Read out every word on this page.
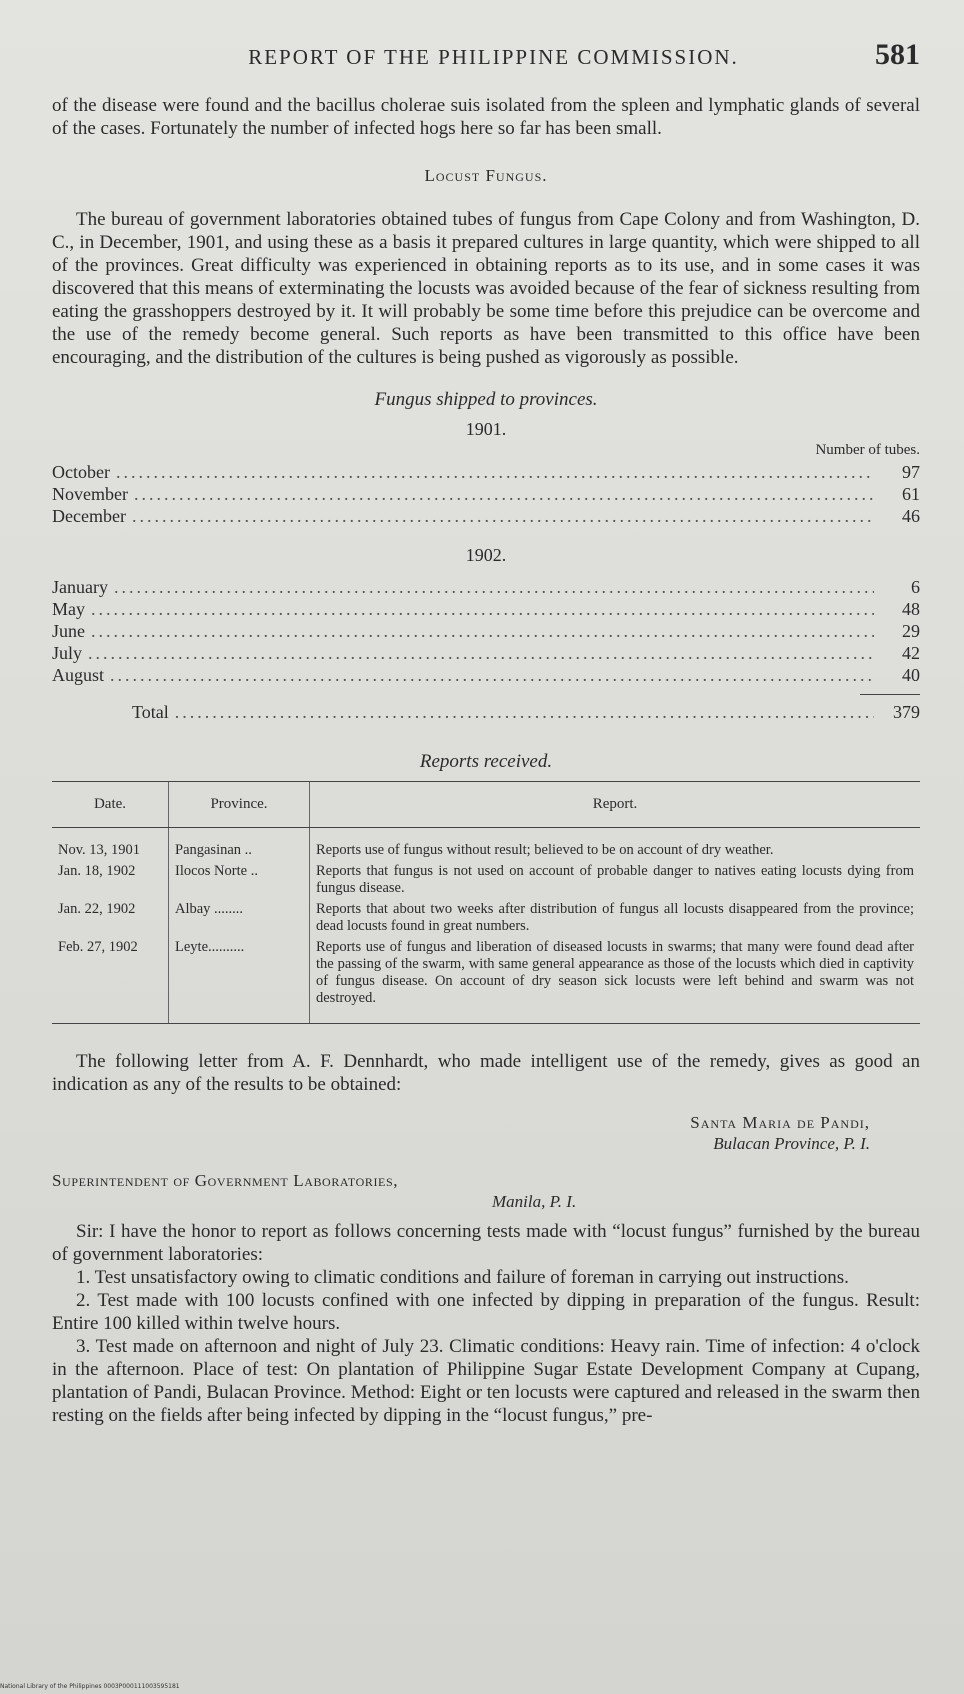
REPORT OF THE PHILIPPINE COMMISSION.	581

of the disease were found and the bacillus cholerae suis isolated from the spleen and lymphatic glands of several of the cases. Fortunately the number of infected hogs here so far has been small.

Locust Fungus.

The bureau of government laboratories obtained tubes of fungus from Cape Colony and from Washington, D. C., in December, 1901, and using these as a basis it prepared cultures in large quantity, which were shipped to all of the provinces. Great difficulty was experienced in obtaining reports as to its use, and in some cases it was discovered that this means of exterminating the locusts was avoided because of the fear of sickness resulting from eating the grasshoppers destroyed by it. It will probably be some time before this prejudice can be overcome and the use of the remedy become general. Such reports as have been transmitted to this office have been encouraging, and the distribution of the cultures is being pushed as vigorously as possible.

Fungus shipped to provinces.
1901.
Number of tubes.
October .....	97
November .....	61
December .....	46
1902.
January .....	6
May .....	48
June .....	29
July .....	42
August .....	40
Total .....	379
Reports received.
Date.	Province.	Report.
Nov. 13, 1901	Pangasinan ..	Reports use of fungus without result; believed to be on account of dry weather.
Jan. 18, 1902	Ilocos Norte ..	Reports that fungus is not used on account of probable danger to natives eating locusts dying from fungus disease.
Jan. 22, 1902	Albay ........	Reports that about two weeks after distribution of fungus all locusts disappeared from the province; dead locusts found in great numbers.
Feb. 27, 1902	Leyte..........	Reports use of fungus and liberation of diseased locusts in swarms; that many were found dead after the passing of the swarm, with same general appearance as those of the locusts which died in captivity of fungus disease. On account of dry season sick locusts were left behind and swarm was not destroyed.

The following letter from A. F. Dennhardt, who made intelligent use of the remedy, gives as good an indication as any of the results to be obtained:

Santa Maria de Pandi,
Bulacan Province, P. I.
Superintendent of Government Laboratories,
Manila, P. I.

Sir: I have the honor to report as follows concerning tests made with “locust fungus” furnished by the bureau of government laboratories:

1. Test unsatisfactory owing to climatic conditions and failure of foreman in carrying out instructions.

2. Test made with 100 locusts confined with one infected by dipping in preparation of the fungus. Result: Entire 100 killed within twelve hours.

3. Test made on afternoon and night of July 23. Climatic conditions: Heavy rain. Time of infection: 4 o'clock in the afternoon. Place of test: On plantation of Philippine Sugar Estate Development Company at Cupang, plantation of Pandi, Bulacan Province. Method: Eight or ten locusts were captured and released in the swarm then resting on the fields after being infected by dipping in the “locust fungus,” pre-

National Library of the Philippines 0003P000111003595181
